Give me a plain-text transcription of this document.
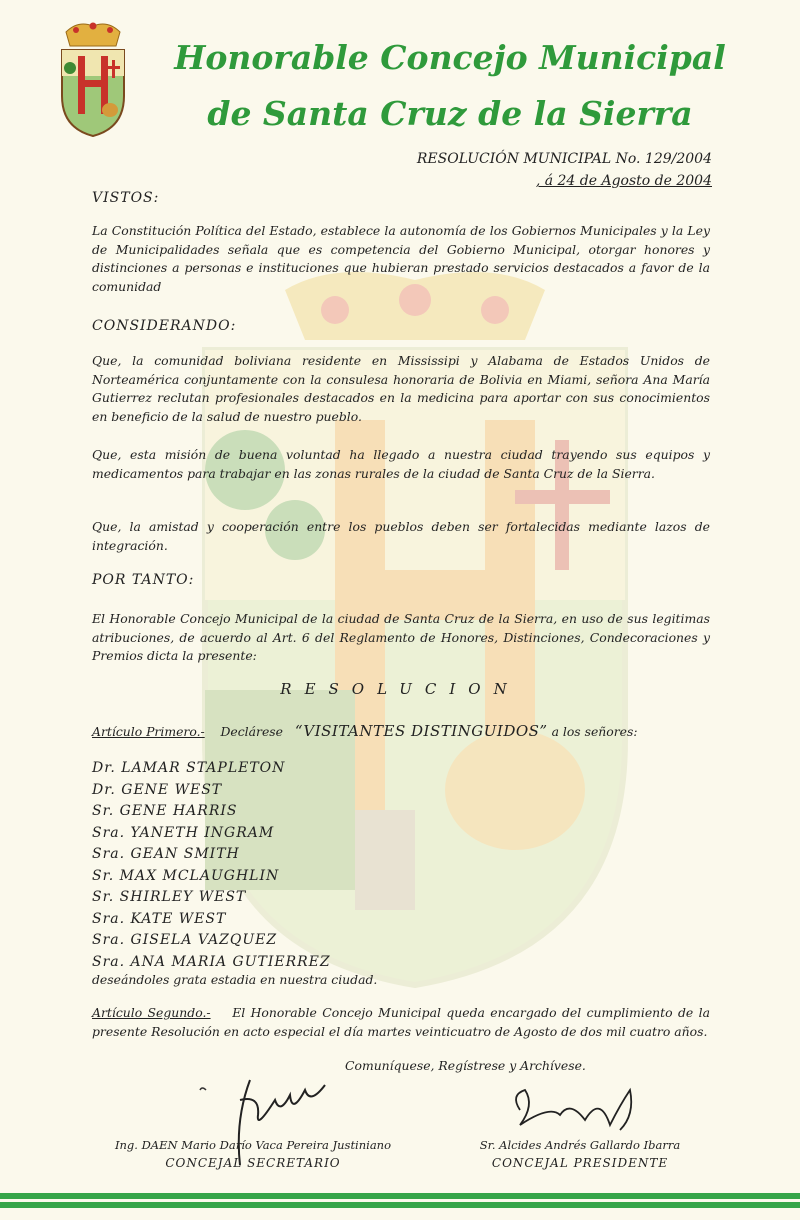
Honorable Concejo Municipal
de Santa Cruz de la Sierra
RESOLUCIÓN MUNICIPAL No. 129/2004
, á 24 de Agosto de 2004
VISTOS:
La Constitución Política del Estado, establece la autonomía de los Gobiernos Municipales y la Ley de Municipalidades señala que es competencia del Gobierno Municipal, otorgar honores y distinciones a personas e instituciones que hubieran prestado servicios destacados a favor de la comunidad
CONSIDERANDO:
Que, la comunidad boliviana residente en Mississipi y Alabama de Estados Unidos de Norteamérica conjuntamente con la consulesa honoraria de Bolivia en Miami, señora Ana María Gutierrez reclutan profesionales destacados en la medicina para aportar con sus conocimientos en beneficio de la salud de nuestro pueblo.
Que, esta misión de buena voluntad ha llegado a nuestra ciudad trayendo sus equipos y medicamentos para trabajar en las zonas rurales de la ciudad de Santa Cruz de la Sierra.
Que, la amistad y cooperación entre los pueblos deben ser fortalecidas mediante lazos de integración.
POR TANTO:
El Honorable Concejo Municipal de la ciudad de Santa Cruz de la Sierra, en uso de sus legitimas atribuciones, de acuerdo al Art. 6 del Reglamento de Honores, Distinciones, Condecoraciones y Premios dicta la presente:
RESOLUCION
Artículo Primero.- Declárese “VISITANTES DISTINGUIDOS” a los señores:
Dr. LAMAR STAPLETON
Dr. GENE WEST
Sr. GENE HARRIS
Sra. YANETH INGRAM
Sra. GEAN SMITH
Sr. MAX MCLAUGHLIN
Sr. SHIRLEY WEST
Sra. KATE WEST
Sra. GISELA VAZQUEZ
Sra. ANA MARIA GUTIERREZ
deseándoles grata estadia en nuestra ciudad.
Artículo Segundo.- El Honorable Concejo Municipal queda encargado del cumplimiento de la presente Resolución en acto especial el día martes veinticuatro de Agosto de dos mil cuatro años.
Comuníquese, Regístrese y Archívese.
Ing. DAEN Mario Darío Vaca Pereira Justiniano
CONCEJAL SECRETARIO
Sr. Alcides Andrés Gallardo Ibarra
CONCEJAL PRESIDENTE
